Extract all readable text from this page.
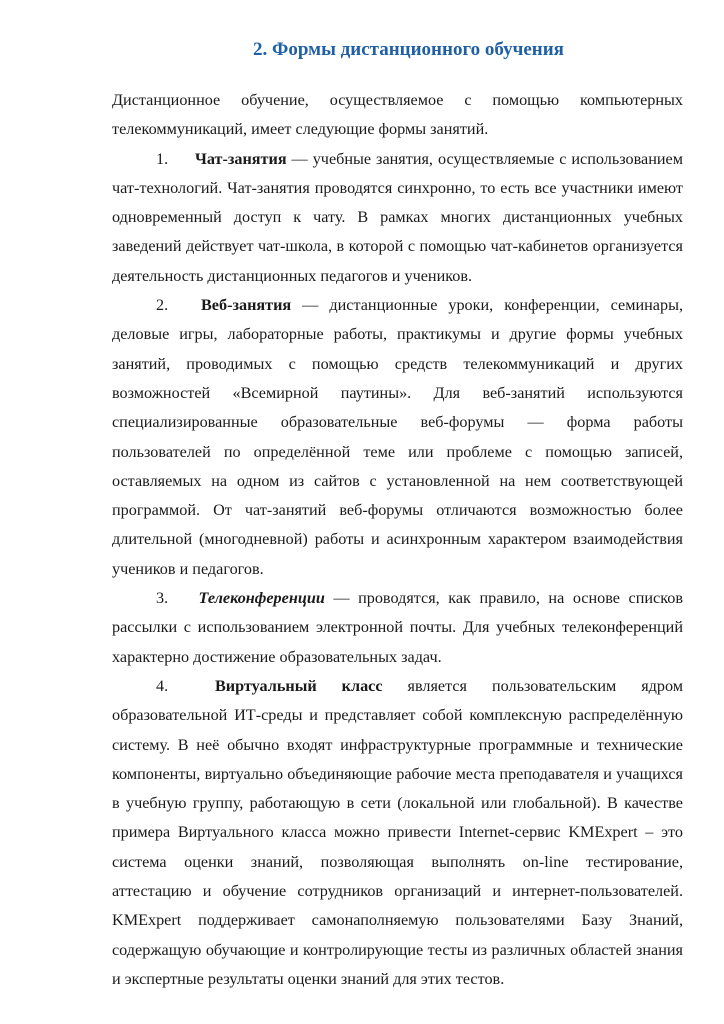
2. Формы дистанционного обучения

Дистанционное обучение, осуществляемое с помощью компьютерных телекоммуникаций, имеет следующие формы занятий.

1. Чат-занятия — учебные занятия, осуществляемые с использованием чат-технологий. Чат-занятия проводятся синхронно, то есть все участники имеют одновременный доступ к чату. В рамках многих дистанционных учебных заведений действует чат-школа, в которой с помощью чат-кабинетов организуется деятельность дистанционных педагогов и учеников.

2. Веб-занятия — дистанционные уроки, конференции, семинары, деловые игры, лабораторные работы, практикумы и другие формы учебных занятий, проводимых с помощью средств телекоммуникаций и других возможностей «Всемирной паутины». Для веб-занятий используются специализированные образовательные веб-форумы — форма работы пользователей по определённой теме или проблеме с помощью записей, оставляемых на одном из сайтов с установленной на нем соответствующей программой. От чат-занятий веб-форумы отличаются возможностью более длительной (многодневной) работы и асинхронным характером взаимодействия учеников и педагогов.

3. Телеконференции — проводятся, как правило, на основе списков рассылки с использованием электронной почты. Для учебных телеконференций характерно достижение образовательных задач.

4.	Виртуальный класс является пользовательским ядром образовательной ИТ-среды и представляет собой комплексную распределённую систему. В неё обычно входят инфраструктурные программные и технические компоненты, виртуально объединяющие рабочие места преподавателя и учащихся в учебную группу, работающую в сети (локальной или глобальной). В качестве примера Виртуального класса можно привести Internet-сервис KMExpert – это система оценки знаний, позволяющая выполнять on-line тестирование, аттестацию и обучение сотрудников организаций и интернет-пользователей. KMExpert поддерживает самонаполняемую пользователями Базу Знаний, содержащую обучающие и контролирующие тесты из различных областей знания и экспертные результаты оценки знаний для этих тестов.
